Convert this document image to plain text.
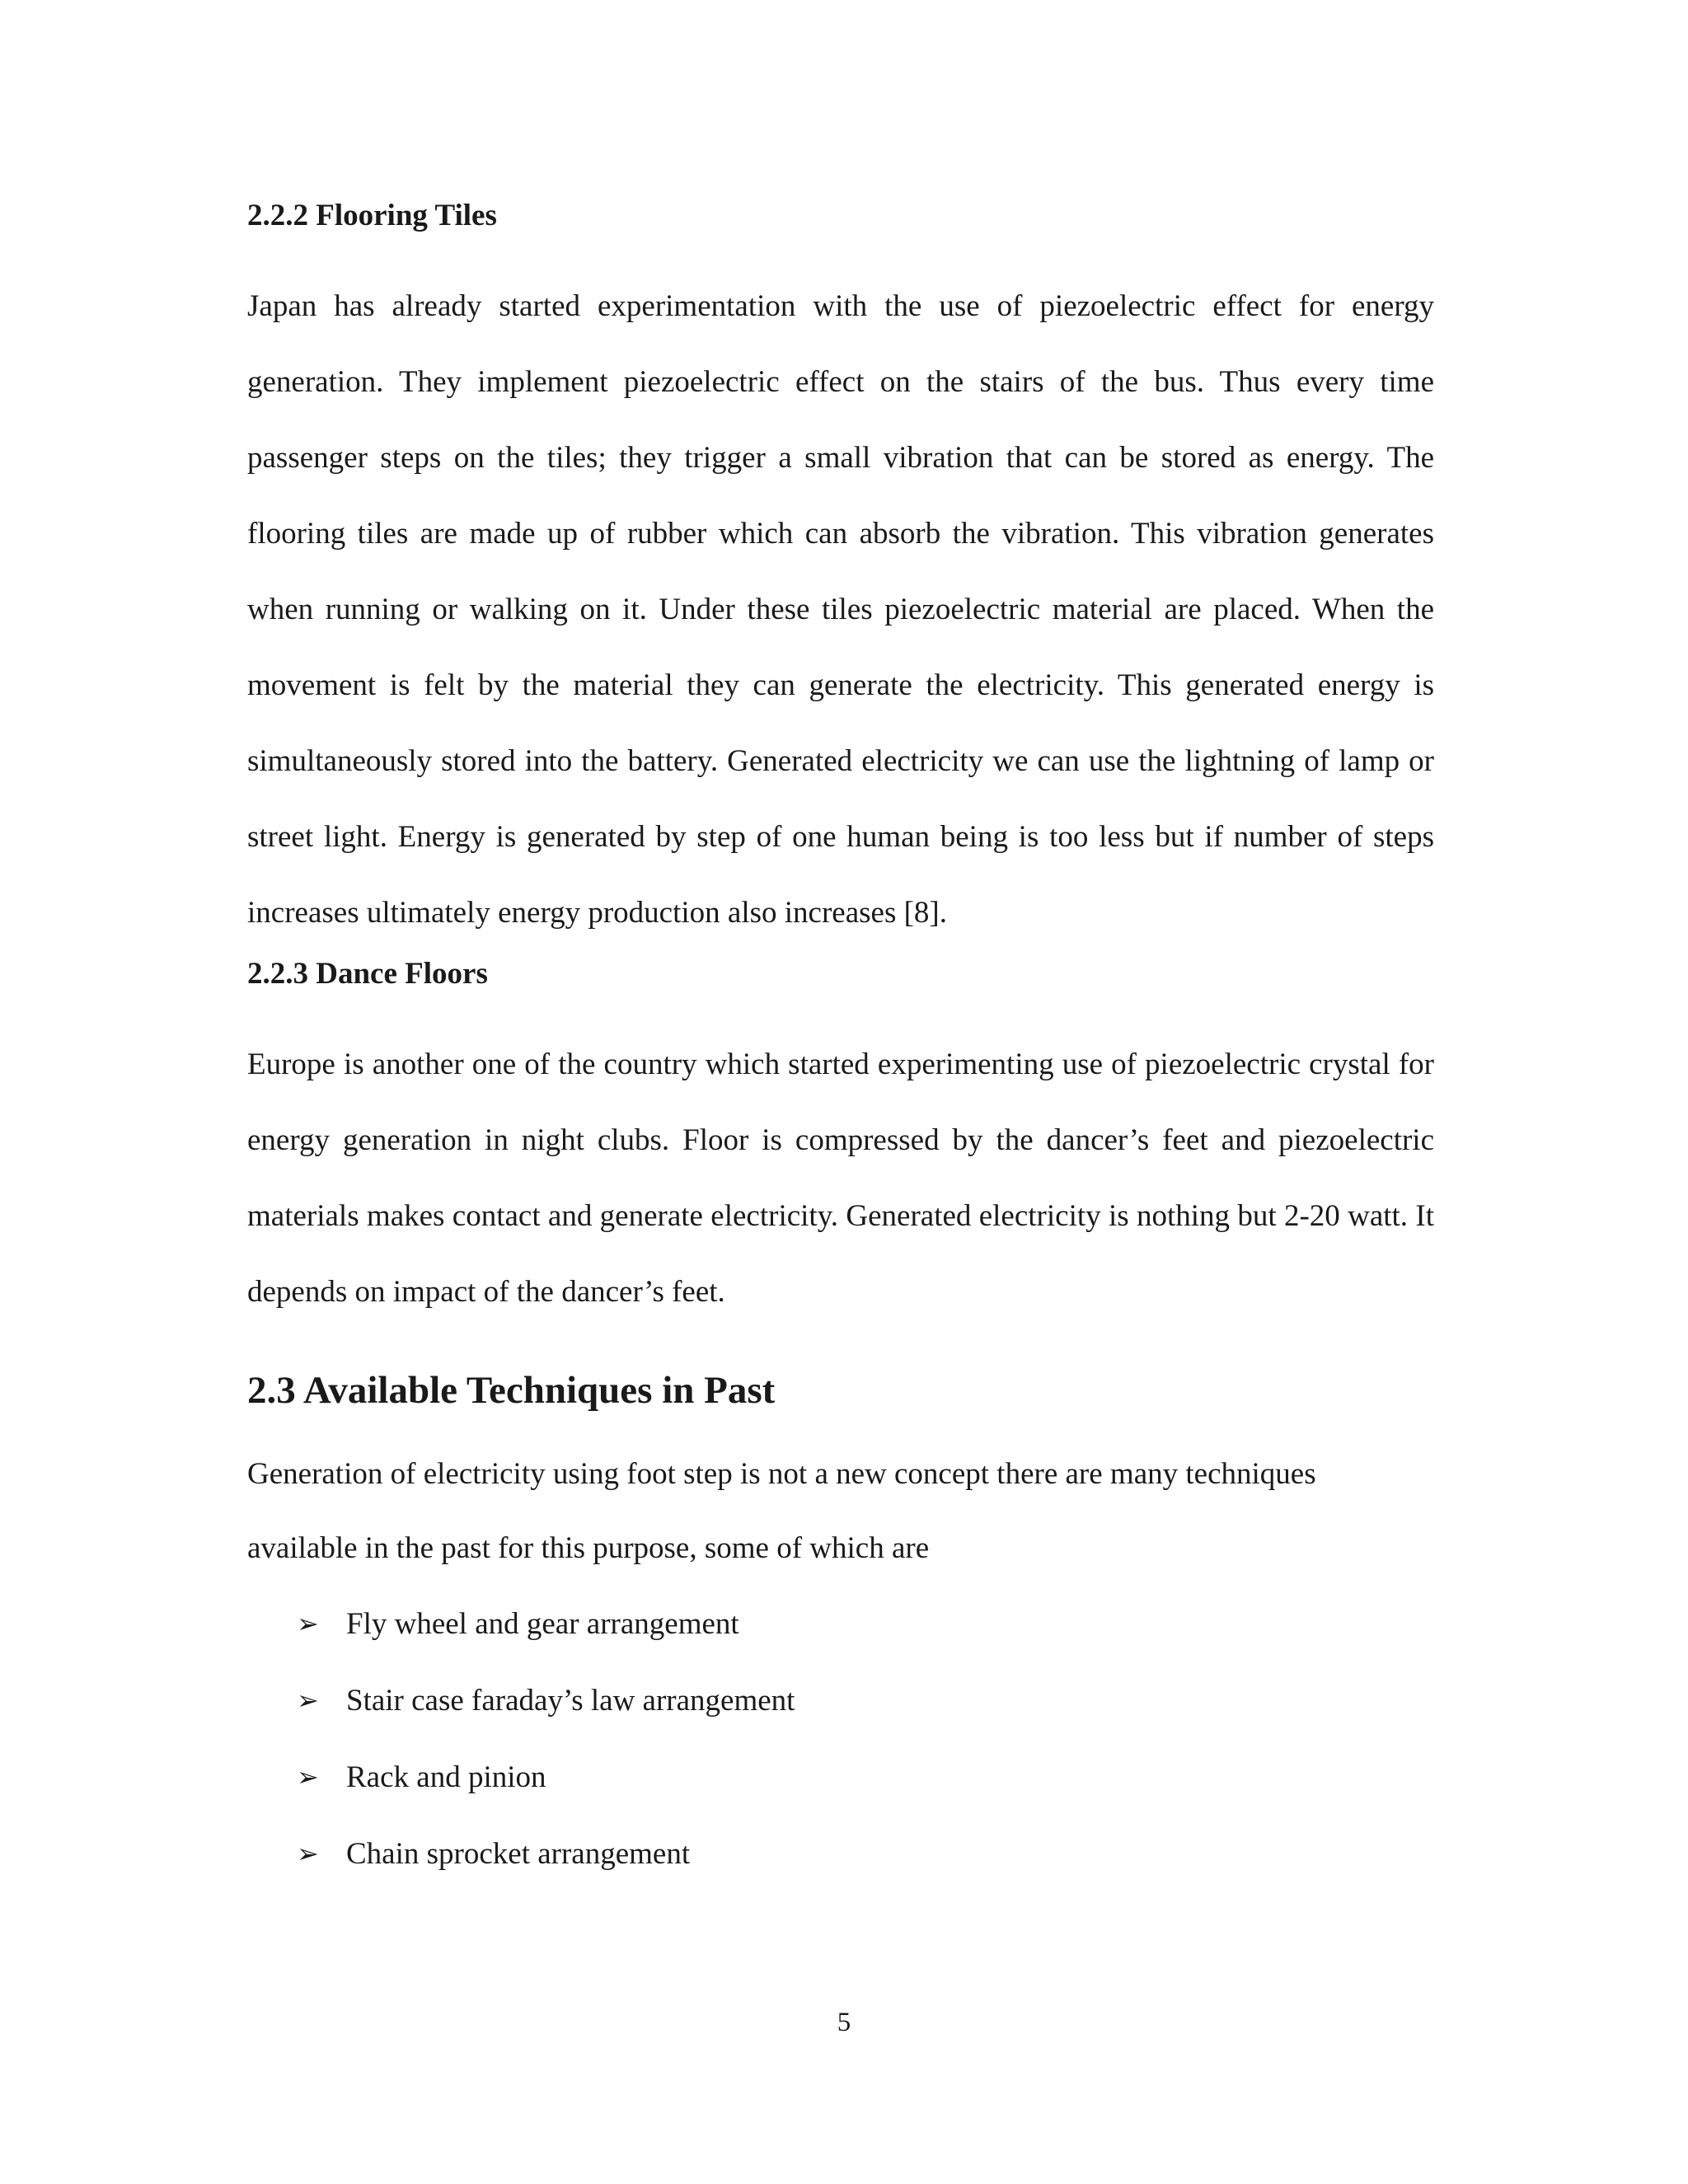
2.2.2 Flooring Tiles
Japan has already started experimentation with the use of piezoelectric effect for energy generation. They implement piezoelectric effect on the stairs of the bus. Thus every time passenger steps on the tiles; they trigger a small vibration that can be stored as energy. The flooring tiles are made up of rubber which can absorb the vibration. This vibration generates when running or walking on it. Under these tiles piezoelectric material are placed. When the movement is felt by the material they can generate the electricity. This generated energy is simultaneously stored into the battery. Generated electricity we can use the lightning of lamp or street light. Energy is generated by step of one human being is too less but if number of steps increases ultimately energy production also increases [8].
2.2.3 Dance Floors
Europe is another one of the country which started experimenting use of piezoelectric crystal for energy generation in night clubs. Floor is compressed by the dancer’s feet and piezoelectric materials makes contact and generate electricity. Generated electricity is nothing but 2-20 watt. It depends on impact of the dancer’s feet.
2.3 Available Techniques in Past
Generation of electricity using foot step is not a new concept there are many techniques
available in the past for this purpose, some of which are
➢ Fly wheel and gear arrangement
➢ Stair case faraday’s law arrangement
➢ Rack and pinion
➢ Chain sprocket arrangement
5
